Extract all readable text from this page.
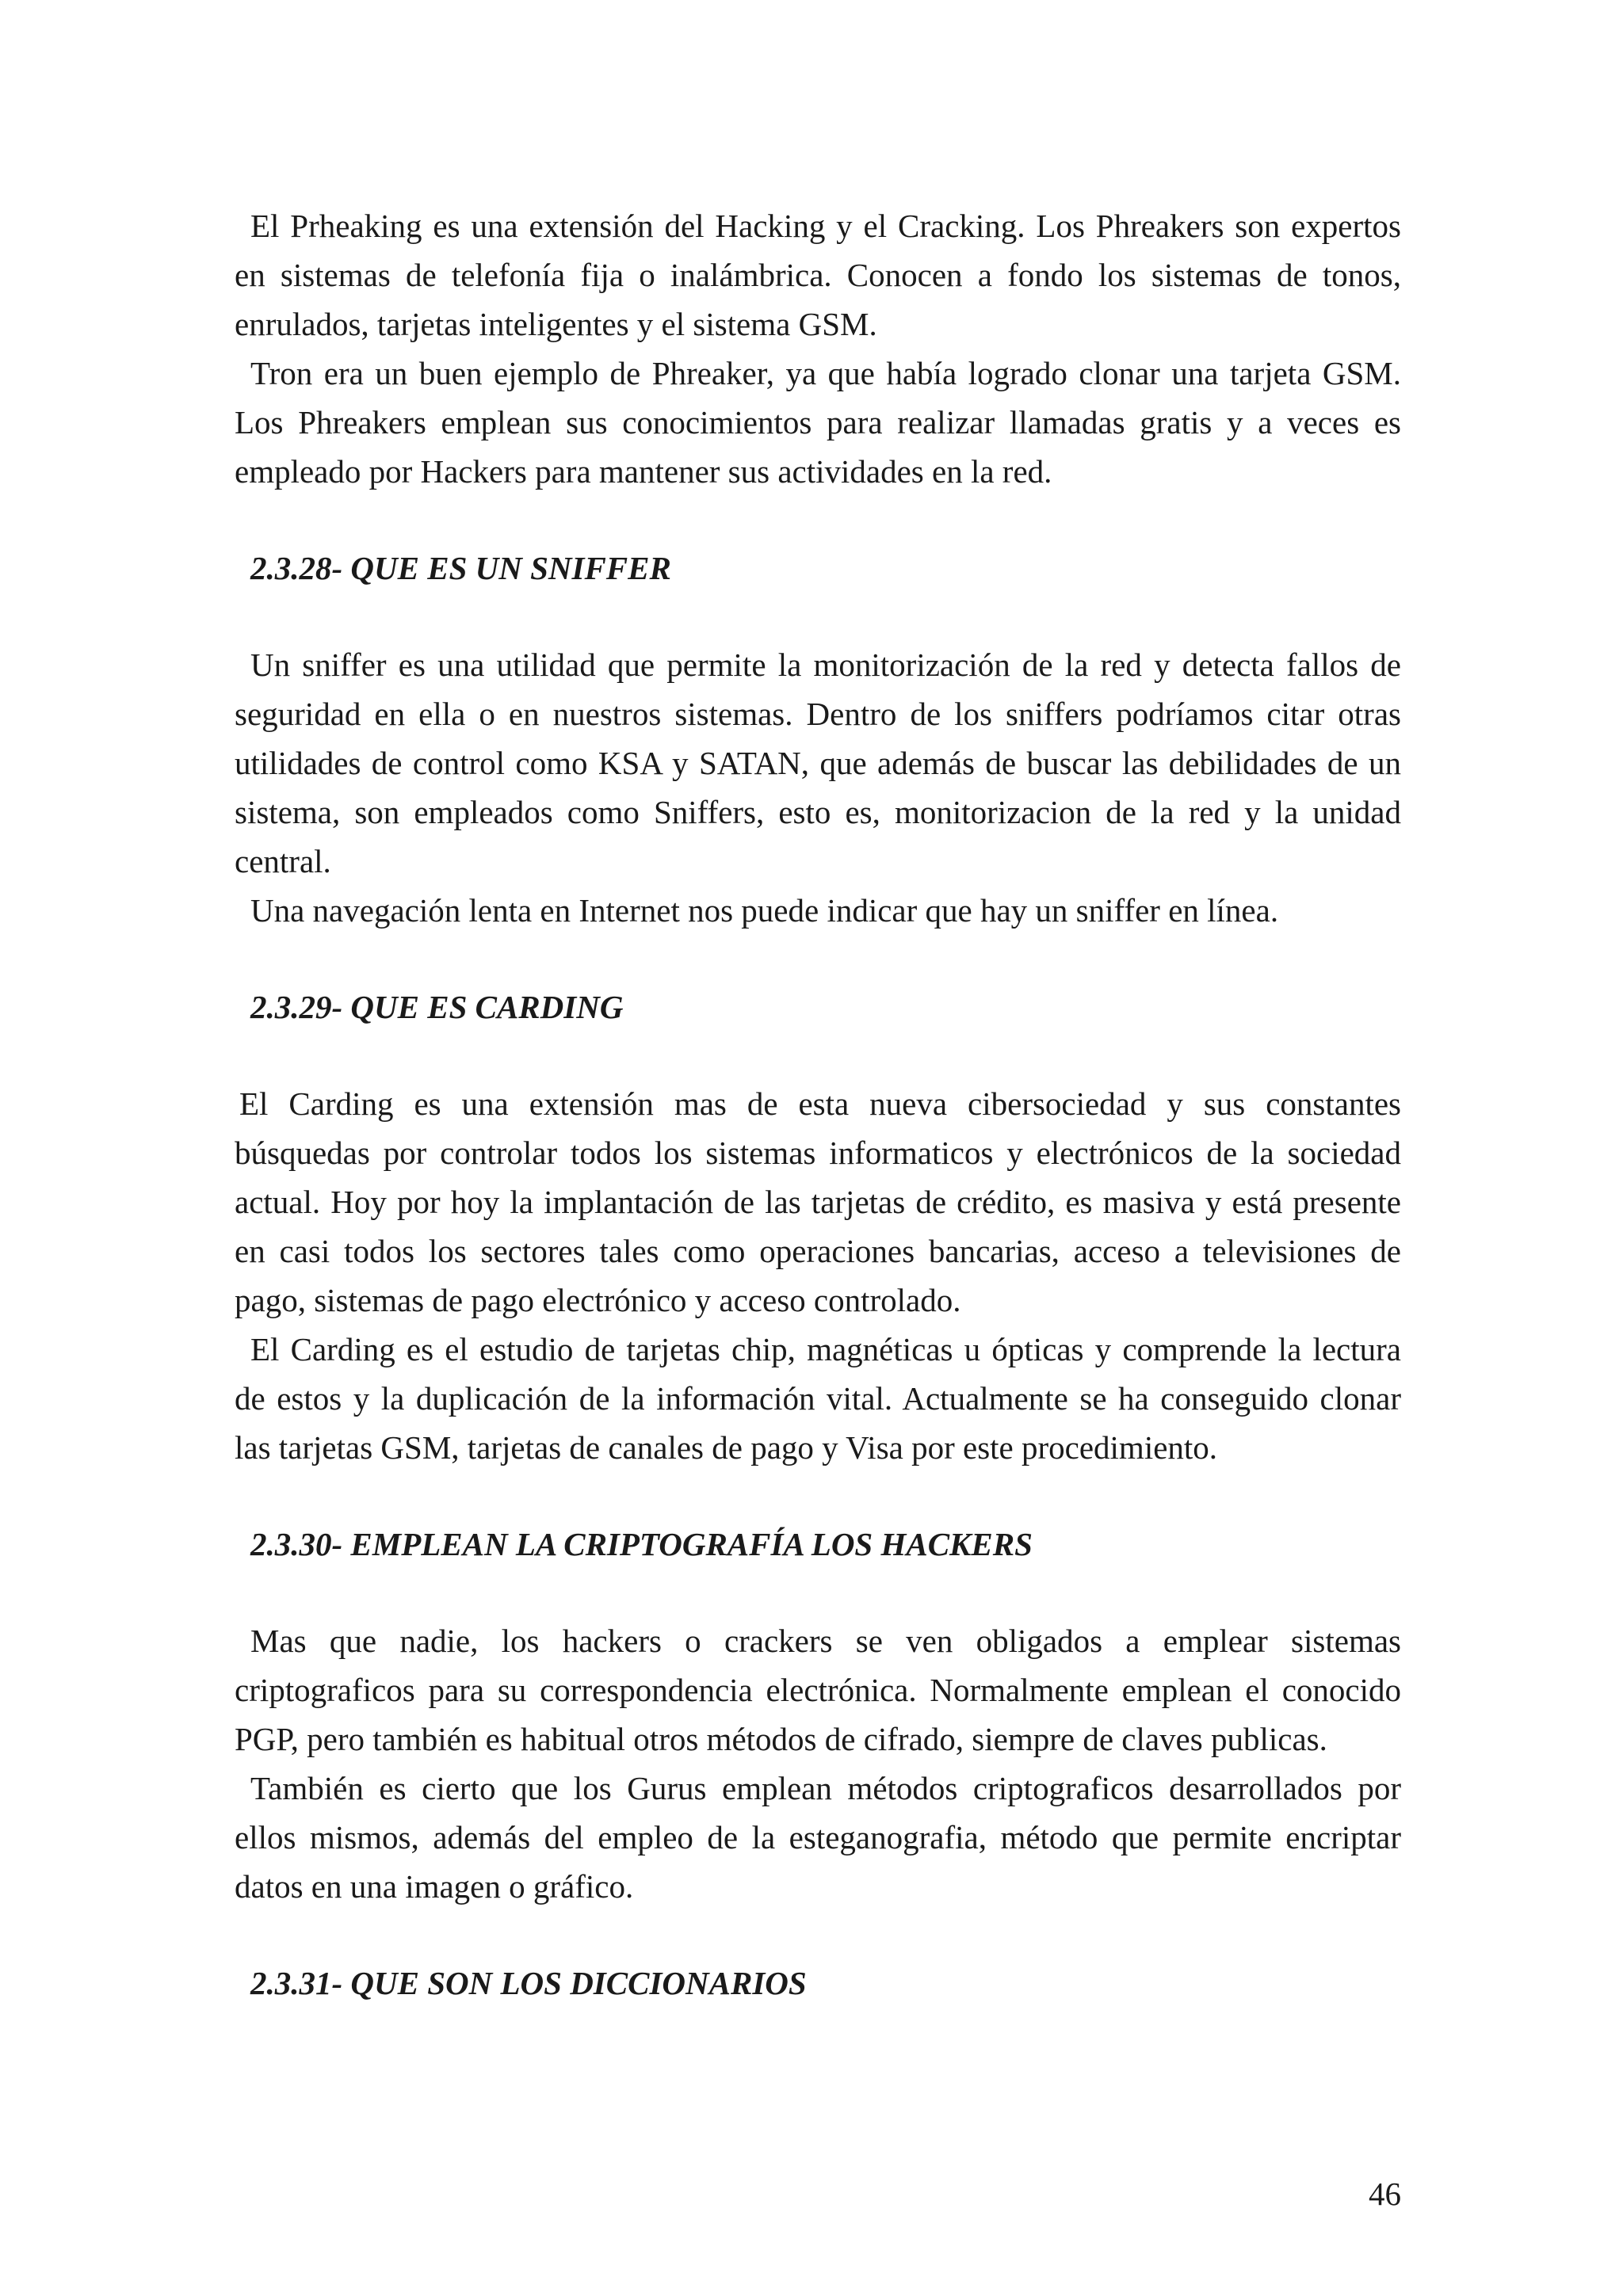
El Prheaking es una extensión del Hacking y el Cracking. Los Phreakers son expertos
en sistemas de telefonía fija o inalámbrica. Conocen a fondo los sistemas de tonos,
enrulados, tarjetas inteligentes y el sistema GSM.

Tron era un buen ejemplo de Phreaker, ya que había logrado clonar una tarjeta GSM.
Los Phreakers emplean sus conocimientos para realizar llamadas gratis y a veces es
empleado por Hackers para mantener sus actividades en la red.

2.3.28- QUE ES UN SNIFFER

Un sniffer es una utilidad que permite la monitorización de la red y detecta fallos de
seguridad en ella o en nuestros sistemas. Dentro de los sniffers podríamos citar otras
utilidades de control como KSA y SATAN, que además de buscar las debilidades de un
sistema, son empleados como Sniffers, esto es, monitorizacion de la red y la unidad
central.

Una navegación lenta en Internet nos puede indicar que hay un sniffer en línea.

2.3.29- QUE ES CARDING

El Carding es una extensión mas de esta nueva cibersociedad y sus constantes
búsquedas por controlar todos los sistemas informaticos y electrónicos de la sociedad
actual. Hoy por hoy la implantación de las tarjetas de crédito, es masiva y está presente
en casi todos los sectores tales como operaciones bancarias, acceso a televisiones de
pago, sistemas de pago electrónico y acceso controlado.

El Carding es el estudio de tarjetas chip, magnéticas u ópticas y comprende la lectura
de estos y la duplicación de la información vital. Actualmente se ha conseguido clonar
las tarjetas GSM, tarjetas de canales de pago y Visa por este procedimiento.

2.3.30- EMPLEAN LA CRIPTOGRAFÍA LOS HACKERS

Mas que nadie, los hackers o crackers se ven obligados a emplear sistemas
criptograficos para su correspondencia electrónica. Normalmente emplean el conocido
PGP, pero también es habitual otros métodos de cifrado, siempre de claves publicas.

También es cierto que los Gurus emplean métodos criptograficos desarrollados por
ellos mismos, además del empleo de la esteganografia, método que permite encriptar
datos en una imagen o gráfico.

2.3.31- QUE SON LOS DICCIONARIOS
46
